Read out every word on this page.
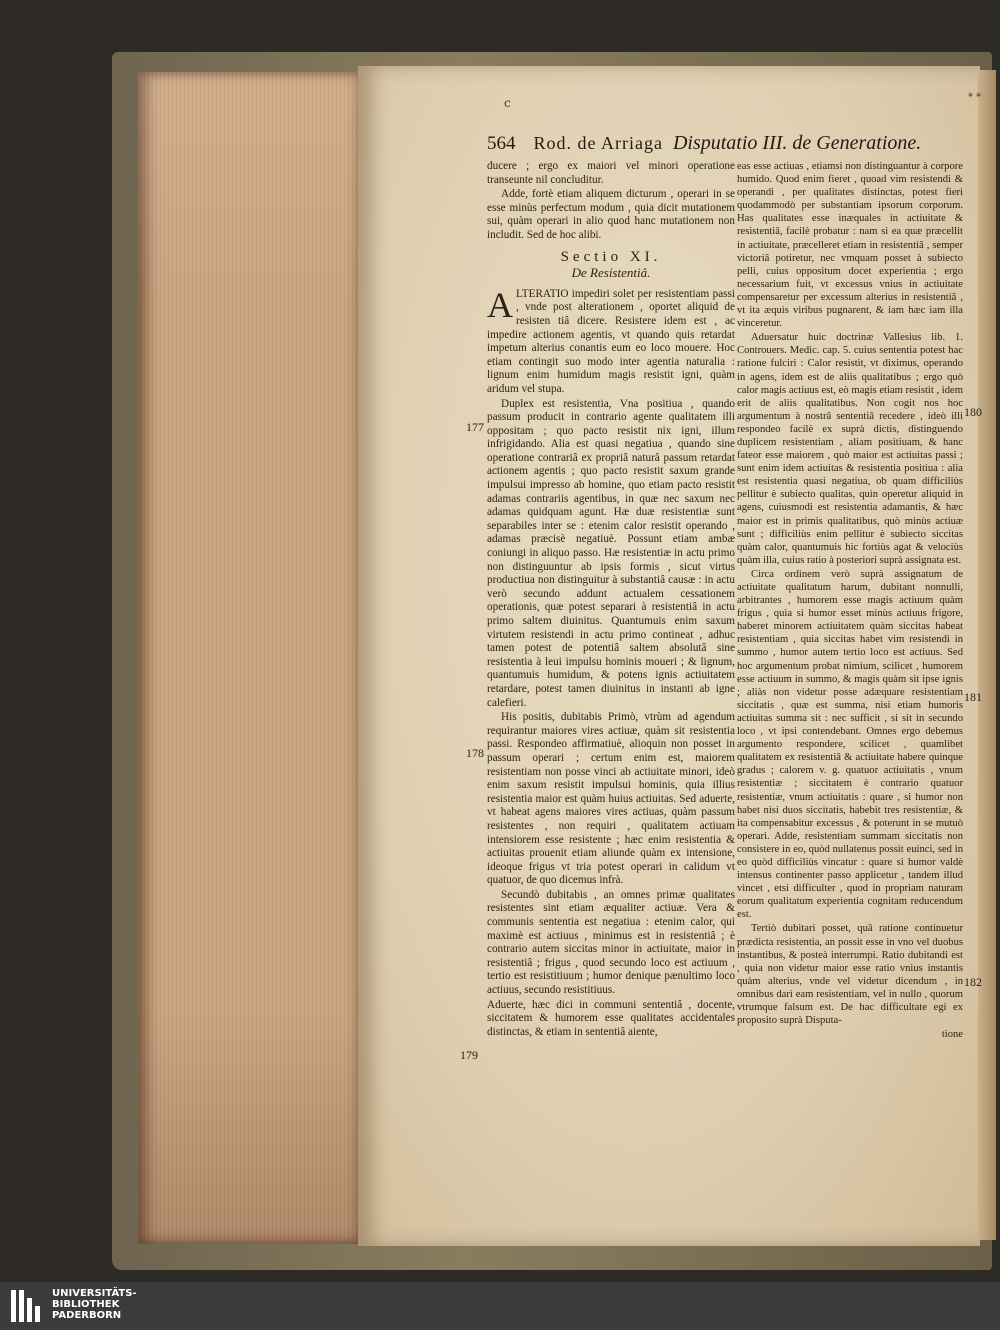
c	* *
564 Rod. de Arriaga Disputatio III. de Generatione.

ducere ; ergo ex maiori vel minori operatione transeunte nil concluditur.

Adde, fortè etiam aliquem dicturum , operari in se esse minùs perfectum modum , quia dicit mutationem sui, quàm operari in alio quod hanc mutationem non includit. Sed de hoc alibi.

Sectio XI.
De Resistentiâ.

ALTERATIO impediri solet per resistentiam passi , vnde post alterationem , oportet aliquid de resisten tiâ dicere. Resistere idem est , ac impedire actionem agentis, vt quando quis retardat impetum alterius conantis eum eo loco mouere. Hoc etiam contingit suo modo inter agentia naturalia : lignum enim humidum magis resistit igni, quàm aridum vel stupa.

Duplex est resistentia, Vna positiua , quando passum producit in contrario agente qualitatem illi oppositam ; quo pacto resistit nix igni, illum infrigidando. Alia est quasi negatiua , quando sine operatione contrariâ ex propriâ naturâ passum retardat actionem agentis ; quo pacto resistit saxum grande impulsui impresso ab homine, quo etiam pacto resistit adamas contrariis agentibus, in quæ nec saxum nec adamas quidquam agunt. Hæ duæ resistentiæ sunt separabiles inter se : etenim calor resistit operando , adamas præcisè negatiuè. Possunt etiam ambæ coniungi in aliquo passo. Hæ resistentiæ in actu primo non distinguuntur ab ipsis formis , sicut virtus productiua non distinguitur à substantiâ causæ : in actu verò secundo addunt actualem cessationem operationis, quæ potest separari à resistentiâ in actu primo saltem diuinitus. Quantumuis enim saxum virtutem resistendi in actu primo contineat , adhuc tamen potest de potentiâ saltem absolutâ sine resistentia à leui impulsu hominis moueri ; & lignum, quantumuis humidum, & potens ignis actiuitatem retardare, potest tamen diuinitus in instanti ab igne calefieri.

His positis, dubitabis Primò, vtrùm ad agendum requirantur maiores vires actiuæ, quàm sit resistentia passi. Respondeo affirmatiuè, alioquin non posset in passum operari ; certum enim est, maiorem resistentiam non posse vinci ab actiuitate minori, ideò enim saxum resistit impulsui hominis, quia illius resistentia maior est quàm huius actiuitas. Sed aduerte, vt habeat agens maiores vires actiuas, quàm passum resistentes , non requiri , qualitatem actiuam intensiorem esse resistente ; hæc enim resistentia & actiuitas prouenit etiam aliunde quàm ex intensione, ideoque frigus vt tria potest operari in calidum vt quatuor, de quo dicemus infrà.

Secundò dubitabis , an omnes primæ qualitates resistentes sint etiam æqualiter actiuæ. Vera & communis sententia est negatiua : etenim calor, qui maximè est actiuus , minimus est in resistentiâ ; è contrario autem siccitas minor in actiuitate, maior in resistentiâ ; frigus , quod secundo loco est actiuum , tertio est resistitiuum ; humor denique pænultimo loco actiuus, secundo resistitiuus.

Aduerte, hæc dici in communi sententiâ , docente, siccitatem & humorem esse qualitates accidentales distinctas, & etiam in sententiâ aiente,

eas esse actiuas , etiamsi non distinguantur à corpore humido. Quod enim fieret , quoad vim resistendi & operandi , per qualitates distinctas, potest fieri quodammodò per substantiam ipsorum corporum. Has qualitates esse inæquales in actiuitate & resistentiâ, facilè probatur : nam si ea quæ præcellit in actiuitate, præcelleret etiam in resistentiâ , semper victoriâ potiretur, nec vmquam posset à subiecto pelli, cuius oppositum docet experientia ; ergo necessarium fuit, vt excessus vnius in actiuitate compensaretur per excessum alterius in resistentiâ , vt ita æquis viribus pugnarent, & iam hæc iam illa vinceretur.

Aduersatur huic doctrinæ Vallesius lib. 1. Controuers. Medic. cap. 5. cuius sententia potest hac ratione fulciri : Calor resistit, vt diximus, operando in agens, idem est de aliis qualitatibus ; ergo quò calor magis actiuus est, eò magis etiam resistit , idem erit de aliis qualitatibus. Non cogit nos hoc argumentum à nostrâ sententiâ recedere , ideò illi respondeo facilè ex suprà dictis, distinguendo duplicem resistentiam , aliam positiuam, & hanc fateor esse maiorem , quò maior est actiuitas passi ; sunt enim idem actiuitas & resistentia positiua : alia est resistentia quasi negatiua, ob quam difficiliùs pellitur è subiecto qualitas, quin operetur aliquid in agens, cuiusmodi est resistentia adamantis, & hæc maior est in primis qualitatibus, quò minùs actiuæ sunt ; difficiliùs enim pellitur è subiecto siccitas quàm calor, quantumuis hic fortiùs agat & velociùs quàm illa, cuius ratio à posteriori suprà assignata est.

Circa ordinem verò suprà assignatum de actiuitate qualitatum harum, dubitant nonnulli, arbitrantes , humorem esse magis actiuum quàm frigus , quia si humor esset minùs actiuus frigore, haberet minorem actiuitatem quàm siccitas habeat resistentiam , quia siccitas habet vim resistendi in summo , humor autem tertio loco est actiuus. Sed hoc argumentum probat nimium, scilicet , humorem esse actiuum in summo, & magis quàm sit ipse ignis ; aliàs non videtur posse adæquare resistentiam siccitatis , quæ est summa, nisi etiam humoris actiuitas summa sit : nec sufficit , si sit in secundo loco , vt ipsi contendebant. Omnes ergo debemus argumento respondere, scilicet , quamlibet qualitatem ex resistentiâ & actiuitate habere quinque gradus ; calorem v. g. quatuor actiuitatis , vnum resistentiæ ; siccitatem è contrario quatuor resistentiæ, vnum actiuitatis : quare , si humor non habet nisi duos siccitatis, habebit tres resistentiæ, & ita compensabitur excessus , & poterunt in se mutuò operari. Adde, resistentiam summam siccitatis non consistere in eo, quòd nullatenus possit euinci, sed in eo quòd difficiliùs vincatur : quare si humor valdè intensus continenter passo applicetur , tandem illud vincet , etsi difficulter , quod in propriam naturam eorum qualitatum experientia cognitam reducendum est.

Tertiò dubitari posset, quâ ratione continuetur prædicta resistentia, an possit esse in vno vel duobus instantibus, & posteà interrumpi. Ratio dubitandi est , quia non videtur maior esse ratio vnius instantis quàm alterius, vnde vel videtur dicendum , in omnibus dari eam resistentiam, vel in nullo , quorum vtrumque falsum est. De hac difficultate egi ex proposito suprà Disputa-

tione

177
178
179
180
181
182
UNIVERSITÄTS-
BIBLIOTHEK
PADERBORN
